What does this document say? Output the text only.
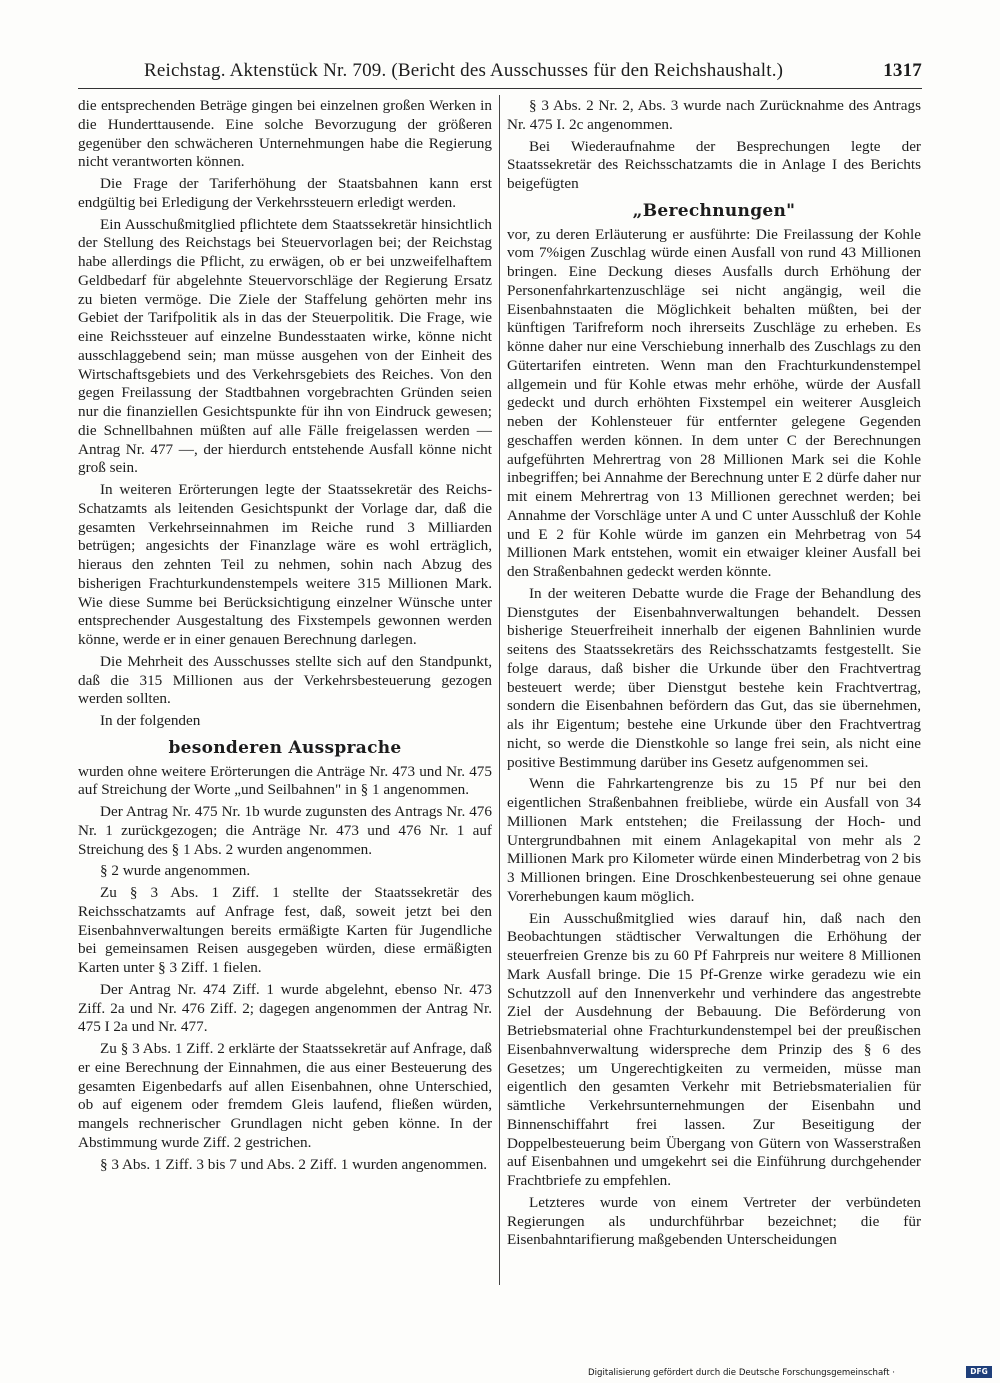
Reichstag. Aktenstück Nr. 709. (Bericht des Ausschusses für den Reichshaushalt.)	1317

die entsprechenden Beträge gingen bei einzelnen großen Werken in die Hunderttausende. Eine solche Bevorzugung der größeren gegenüber den schwächeren Unternehmungen habe die Regierung nicht verantworten können.

Die Frage der Tariferhöhung der Staatsbahnen kann erst endgültig bei Erledigung der Verkehrssteuern erledigt werden.

Ein Ausschußmitglied pflichtete dem Staatssekretär hinsichtlich der Stellung des Reichstags bei Steuervorlagen bei; der Reichstag habe allerdings die Pflicht, zu erwägen, ob er bei unzweifelhaftem Geldbedarf für abgelehnte Steuervorschläge der Regierung Ersatz zu bieten vermöge. Die Ziele der Staffelung gehörten mehr ins Gebiet der Tarifpolitik als in das der Steuerpolitik. Die Frage, wie eine Reichssteuer auf einzelne Bundesstaaten wirke, könne nicht ausschlaggebend sein; man müsse ausgehen von der Einheit des Wirtschaftsgebiets und des Verkehrsgebiets des Reiches. Von den gegen Freilassung der Stadtbahnen vorgebrachten Gründen seien nur die finanziellen Gesichtspunkte für ihn von Eindruck gewesen; die Schnellbahnen müßten auf alle Fälle freigelassen werden — Antrag Nr. 477 —, der hierdurch entstehende Ausfall könne nicht groß sein.

In weiteren Erörterungen legte der Staatssekretär des Reichs-Schatzamts als leitenden Gesichtspunkt der Vorlage dar, daß die gesamten Verkehrseinnahmen im Reiche rund 3 Milliarden betrügen; angesichts der Finanzlage wäre es wohl erträglich, hieraus den zehnten Teil zu nehmen, sohin nach Abzug des bisherigen Frachturkundenstempels weitere 315 Millionen Mark. Wie diese Summe bei Berücksichtigung einzelner Wünsche unter entsprechender Ausgestaltung des Fixstempels gewonnen werden könne, werde er in einer genauen Berechnung darlegen.

Die Mehrheit des Ausschusses stellte sich auf den Standpunkt, daß die 315 Millionen aus der Verkehrsbesteuerung gezogen werden sollten.

In der folgenden

besonderen Aussprache

wurden ohne weitere Erörterungen die Anträge Nr. 473 und Nr. 475 auf Streichung der Worte „und Seilbahnen" in § 1 angenommen.

Der Antrag Nr. 475 Nr. 1b wurde zugunsten des Antrags Nr. 476 Nr. 1 zurückgezogen; die Anträge Nr. 473 und 476 Nr. 1 auf Streichung des § 1 Abs. 2 wurden angenommen.

§ 2 wurde angenommen.

Zu § 3 Abs. 1 Ziff. 1 stellte der Staatssekretär des Reichsschatzamts auf Anfrage fest, daß, soweit jetzt bei den Eisenbahnverwaltungen bereits ermäßigte Karten für Jugendliche bei gemeinsamen Reisen ausgegeben würden, diese ermäßigten Karten unter § 3 Ziff. 1 fielen.

Der Antrag Nr. 474 Ziff. 1 wurde abgelehnt, ebenso Nr. 473 Ziff. 2a und Nr. 476 Ziff. 2; dagegen angenommen der Antrag Nr. 475 I 2a und Nr. 477.

Zu § 3 Abs. 1 Ziff. 2 erklärte der Staatssekretär auf Anfrage, daß er eine Berechnung der Einnahmen, die aus einer Besteuerung des gesamten Eigenbedarfs auf allen Eisenbahnen, ohne Unterschied, ob auf eigenem oder fremdem Gleis laufend, fließen würden, mangels rechnerischer Grundlagen nicht geben könne. In der Abstimmung wurde Ziff. 2 gestrichen.

§ 3 Abs. 1 Ziff. 3 bis 7 und Abs. 2 Ziff. 1 wurden angenommen.

§ 3 Abs. 2 Nr. 2, Abs. 3 wurde nach Zurücknahme des Antrags Nr. 475 I. 2c angenommen.

Bei Wiederaufnahme der Besprechungen legte der Staatssekretär des Reichsschatzamts die in Anlage I des Berichts beigefügten

„Berechnungen"

vor, zu deren Erläuterung er ausführte: Die Freilassung der Kohle vom 7%igen Zuschlag würde einen Ausfall von rund 43 Millionen bringen. Eine Deckung dieses Ausfalls durch Erhöhung der Personenfahrkartenzuschläge sei nicht angängig, weil die Eisenbahnstaaten die Möglichkeit behalten müßten, bei der künftigen Tarifreform noch ihrerseits Zuschläge zu erheben. Es könne daher nur eine Verschiebung innerhalb des Zuschlags zu den Gütertarifen eintreten. Wenn man den Frachturkundenstempel allgemein und für Kohle etwas mehr erhöhe, würde der Ausfall gedeckt und durch erhöhten Fixstempel ein weiterer Ausgleich neben der Kohlensteuer für entfernter gelegene Gegenden geschaffen werden können. In dem unter C der Berechnungen aufgeführten Mehrertrag von 28 Millionen Mark sei die Kohle inbegriffen; bei Annahme der Berechnung unter E 2 dürfe daher nur mit einem Mehrertrag von 13 Millionen gerechnet werden; bei Annahme der Vorschläge unter A und C unter Ausschluß der Kohle und E 2 für Kohle würde im ganzen ein Mehrbetrag von 54 Millionen Mark entstehen, womit ein etwaiger kleiner Ausfall bei den Straßenbahnen gedeckt werden könnte.

In der weiteren Debatte wurde die Frage der Behandlung des Dienstgutes der Eisenbahnverwaltungen behandelt. Dessen bisherige Steuerfreiheit innerhalb der eigenen Bahnlinien wurde seitens des Staatssekretärs des Reichsschatzamts festgestellt. Sie folge daraus, daß bisher die Urkunde über den Frachtvertrag besteuert werde; über Dienstgut bestehe kein Frachtvertrag, sondern die Eisenbahnen befördern das Gut, das sie übernehmen, als ihr Eigentum; bestehe eine Urkunde über den Frachtvertrag nicht, so werde die Dienstkohle so lange frei sein, als nicht eine positive Bestimmung darüber ins Gesetz aufgenommen sei.

Wenn die Fahrkartengrenze bis zu 15 Pf nur bei den eigentlichen Straßenbahnen freibliebe, würde ein Ausfall von 34 Millionen Mark entstehen; die Freilassung der Hoch- und Untergrundbahnen mit einem Anlagekapital von mehr als 2 Millionen Mark pro Kilometer würde einen Minderbetrag von 2 bis 3 Millionen bringen. Eine Droschkenbesteuerung sei ohne genaue Vorerhebungen kaum möglich.

Ein Ausschußmitglied wies darauf hin, daß nach den Beobachtungen städtischer Verwaltungen die Erhöhung der steuerfreien Grenze bis zu 60 Pf Fahrpreis nur weitere 8 Millionen Mark Ausfall bringe. Die 15 Pf-Grenze wirke geradezu wie ein Schutzzoll auf den Innenverkehr und verhindere das angestrebte Ziel der Ausdehnung der Bebauung. Die Beförderung von Betriebsmaterial ohne Frachturkundenstempel bei der preußischen Eisenbahnverwaltung widerspreche dem Prinzip des § 6 des Gesetzes; um Ungerechtigkeiten zu vermeiden, müsse man eigentlich den gesamten Verkehr mit Betriebsmaterialien für sämtliche Verkehrsunternehmungen der Eisenbahn und Binnenschiffahrt frei lassen. Zur Beseitigung der Doppelbesteuerung beim Übergang von Gütern von Wasserstraßen auf Eisenbahnen und umgekehrt sei die Einführung durchgehender Frachtbriefe zu empfehlen.

Letzteres wurde von einem Vertreter der verbündeten Regierungen als undurchführbar bezeichnet; die für Eisenbahntarifierung maßgebenden Unterscheidungen

Digitalisierung gefördert durch die Deutsche Forschungsgemeinschaft ·	DFG
